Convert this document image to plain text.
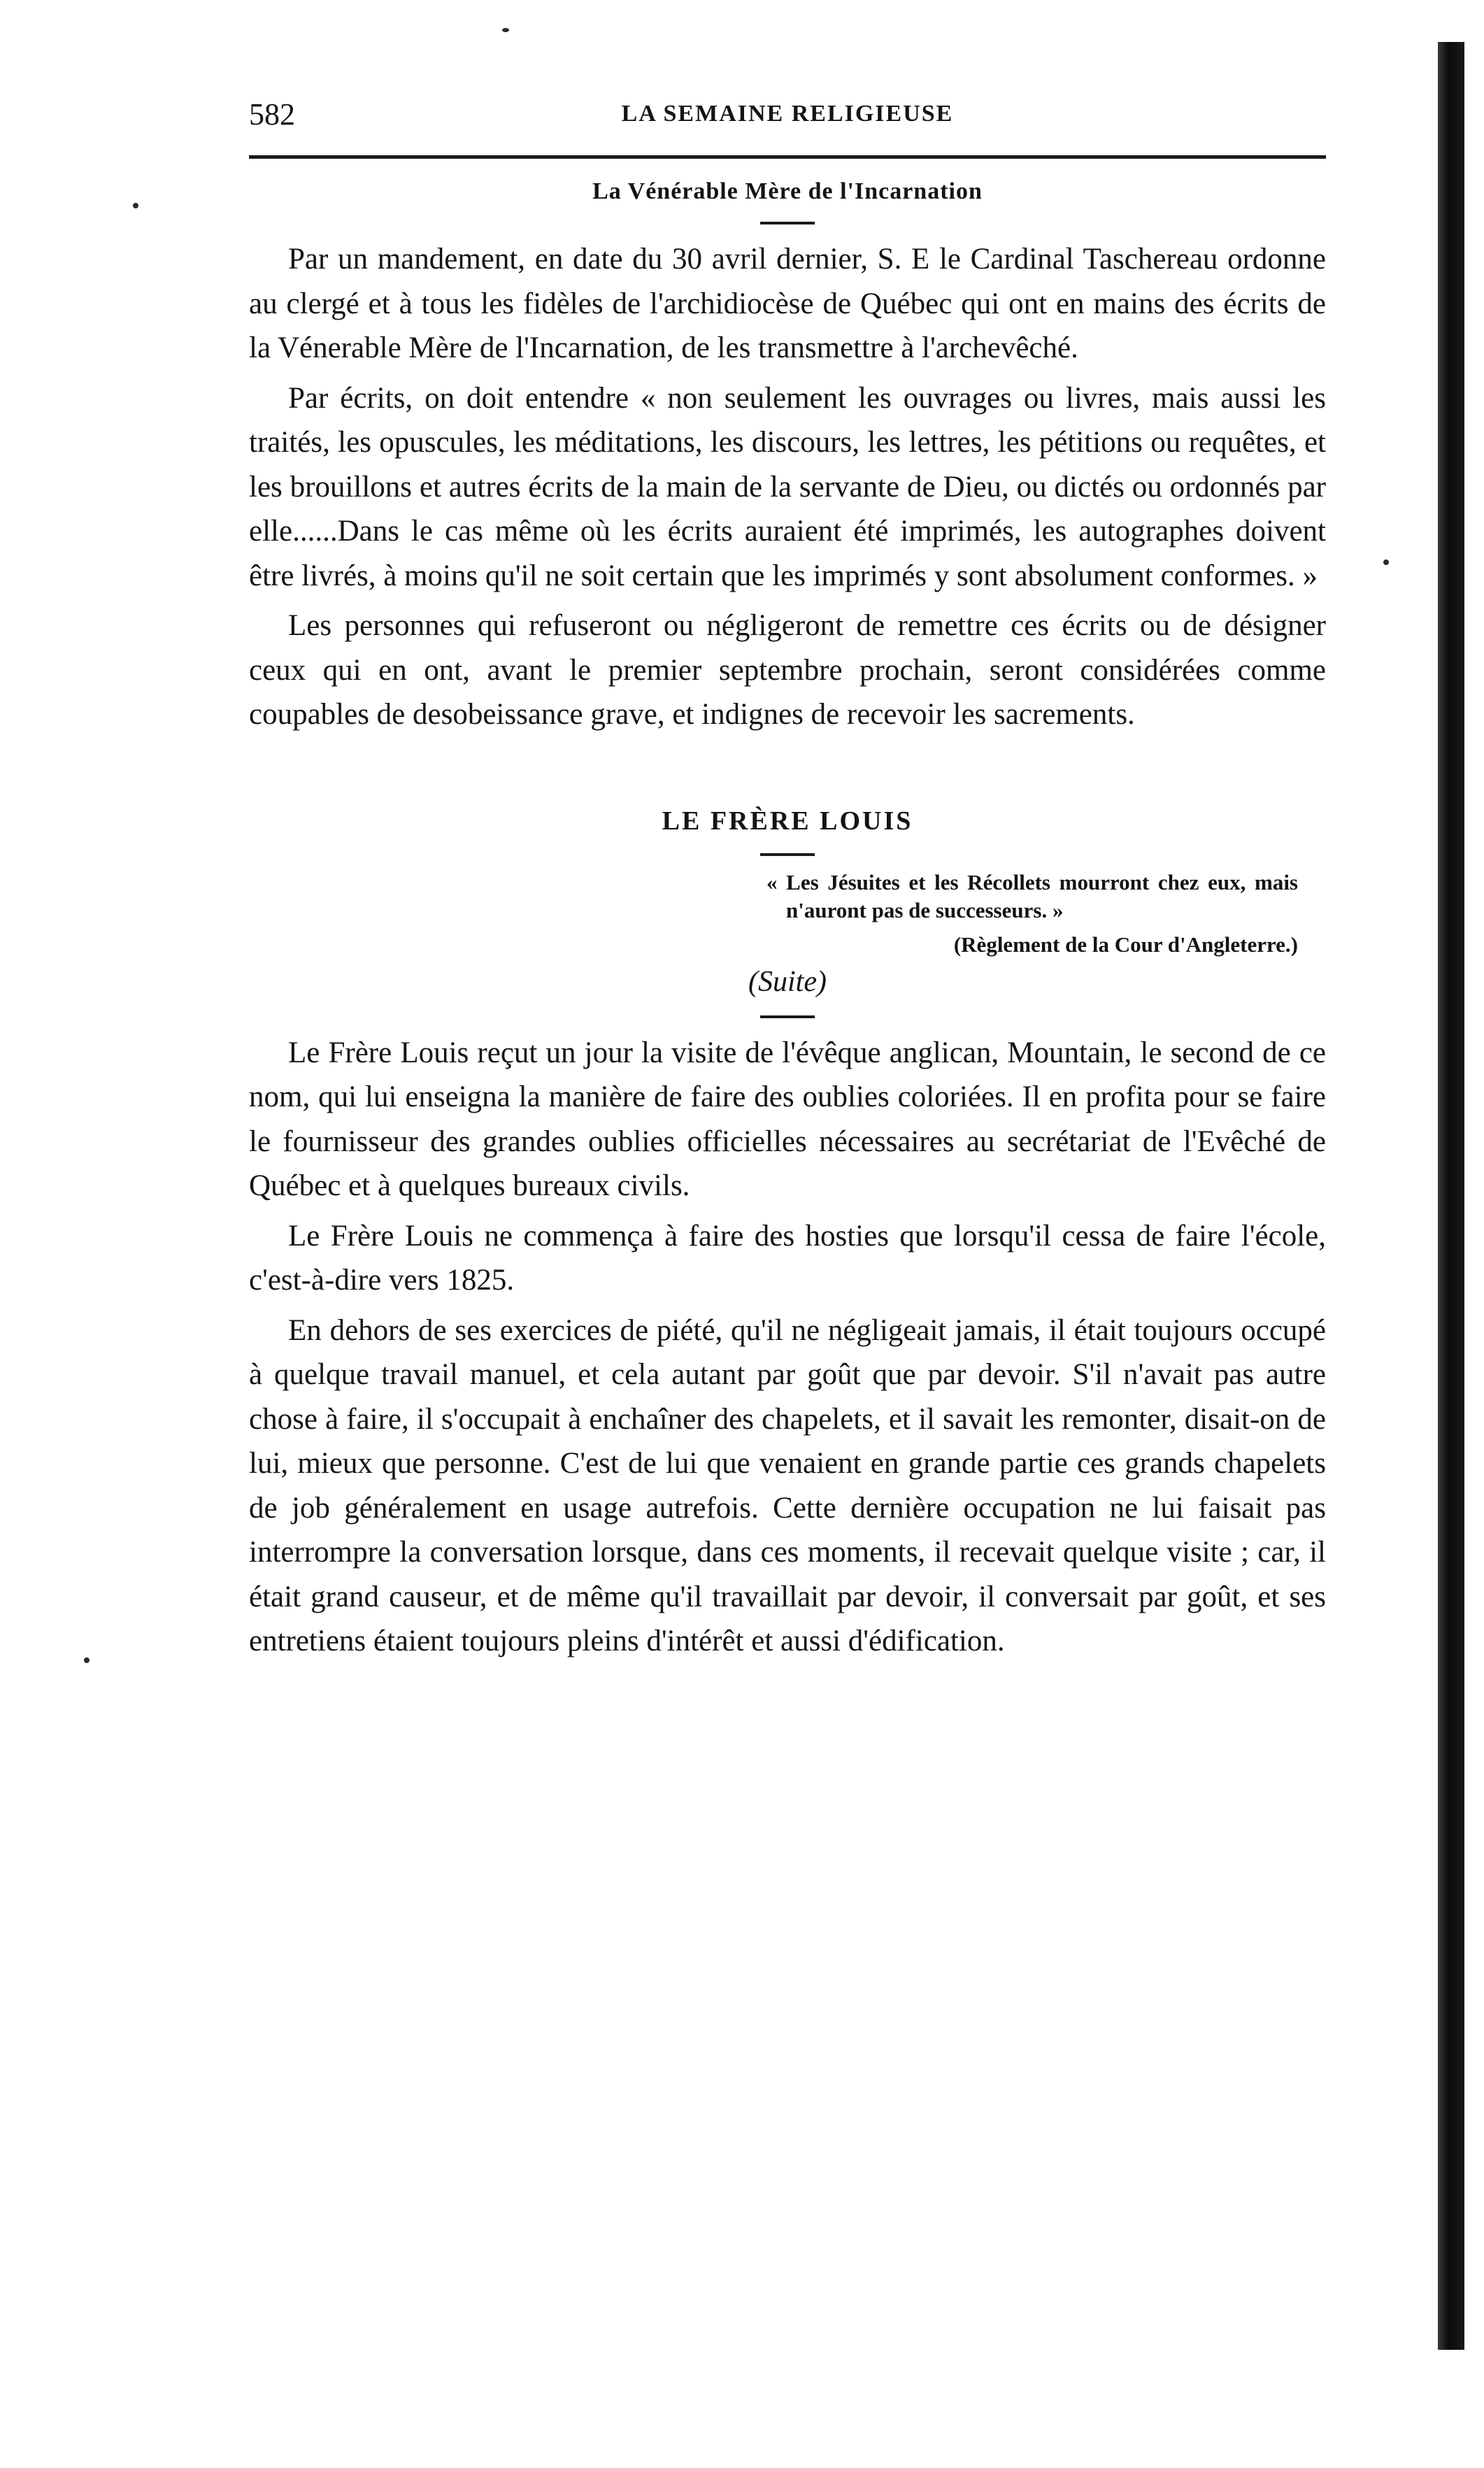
582	LA SEMAINE RELIGIEUSE
La Vénérable Mère de l'Incarnation

Par un mandement, en date du 30 avril dernier, S. E le Cardinal Taschereau ordonne au clergé et à tous les fidèles de l'archidiocèse de Québec qui ont en mains des écrits de la Vénerable Mère de l'Incarnation, de les transmettre à l'archevêché.

Par écrits, on doit entendre « non seulement les ouvrages ou livres, mais aussi les traités, les opuscules, les méditations, les discours, les lettres, les pétitions ou requêtes, et les brouillons et autres écrits de la main de la servante de Dieu, ou dictés ou ordonnés par elle......Dans le cas même où les écrits auraient été imprimés, les autographes doivent être livrés, à moins qu'il ne soit certain que les imprimés y sont absolument conformes. »

Les personnes qui refuseront ou négligeront de remettre ces écrits ou de désigner ceux qui en ont, avant le premier septembre prochain, seront considérées comme coupables de desobeissance grave, et indignes de recevoir les sacrements.

LE FRÈRE LOUIS
« Les Jésuites et les Récollets mourront chez eux, mais n'auront pas de successeurs. »
(Règlement de la Cour d'Angleterre.)
(Suite)

Le Frère Louis reçut un jour la visite de l'évêque anglican, Mountain, le second de ce nom, qui lui enseigna la manière de faire des oublies coloriées. Il en profita pour se faire le fournisseur des grandes oublies officielles nécessaires au secrétariat de l'Evêché de Québec et à quelques bureaux civils.

Le Frère Louis ne commença à faire des hosties que lorsqu'il cessa de faire l'école, c'est-à-dire vers 1825.

En dehors de ses exercices de piété, qu'il ne négligeait jamais, il était toujours occupé à quelque travail manuel, et cela autant par goût que par devoir. S'il n'avait pas autre chose à faire, il s'occupait à enchaîner des chapelets, et il savait les remonter, disait-on de lui, mieux que personne. C'est de lui que venaient en grande partie ces grands chapelets de job généralement en usage autrefois. Cette dernière occupation ne lui faisait pas interrompre la conversation lorsque, dans ces moments, il recevait quelque visite ; car, il était grand causeur, et de même qu'il travaillait par devoir, il conversait par goût, et ses entretiens étaient toujours pleins d'intérêt et aussi d'édification.
